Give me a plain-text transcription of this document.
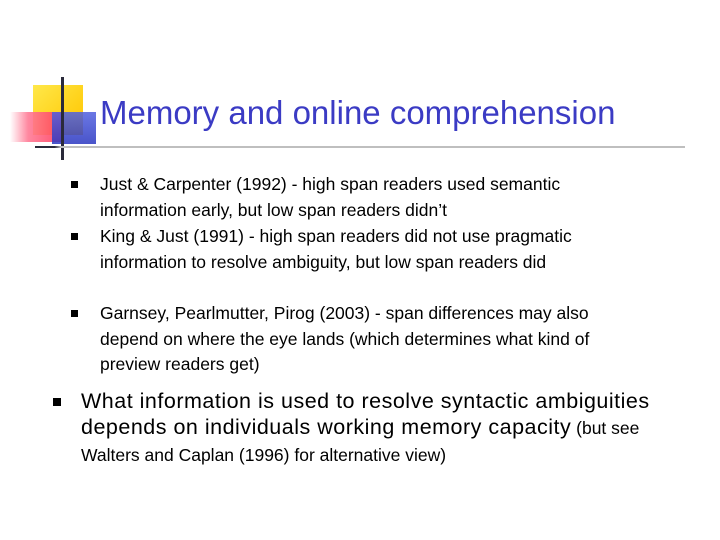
Memory and online comprehension
Just & Carpenter (1992) - high span readers used semantic information early, but low span readers didn’t
King & Just (1991) - high span readers did not use pragmatic information to resolve ambiguity, but low span readers did
Garnsey, Pearlmutter, Pirog (2003) - span differences may also depend on where the eye lands (which determines what kind of preview readers get)
What information is used to resolve syntactic ambiguities depends on individuals working memory capacity (but see Walters and Caplan (1996) for alternative view)
